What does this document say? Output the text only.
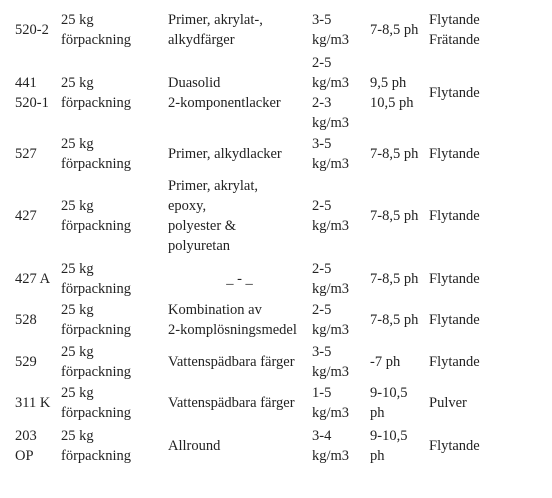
520-2
25 kg
förpackning
Primer, akrylat-,
alkydfärger
3-5
kg/m3
7-8,5 ph
Flytande
Frätande
441
520-1
25 kg
förpackning
Duasolid
2-komponentlacker
2-5
kg/m3
2-3
kg/m3
9,5 ph
10,5 ph
Flytande
527
25 kg
förpackning
Primer, alkydlacker
3-5
kg/m3
7-8,5 ph Flytande
427
25 kg
förpackning
Primer, akrylat,
epoxy,
polyester &
polyuretan
2-5
kg/m3
7-8,5 ph Flytande
427 A
25 kg
förpackning
_ - _
2-5
kg/m3
7-8,5 ph Flytande
528
25 kg
förpackning
Kombination av
2-komplösningsmedel
2-5
kg/m3
7-8,5 ph Flytande
529
25 kg
förpackning
Vattenspädbara färger
3-5
kg/m3
-7 ph	Flytande
311 K
25 kg
förpackning
Vattenspädbara färger
1-5
kg/m3
9-10,5
ph
Pulver
203
OP
25 kg
förpackning
Allround
3-4
kg/m3
9-10,5
ph
Flytande
